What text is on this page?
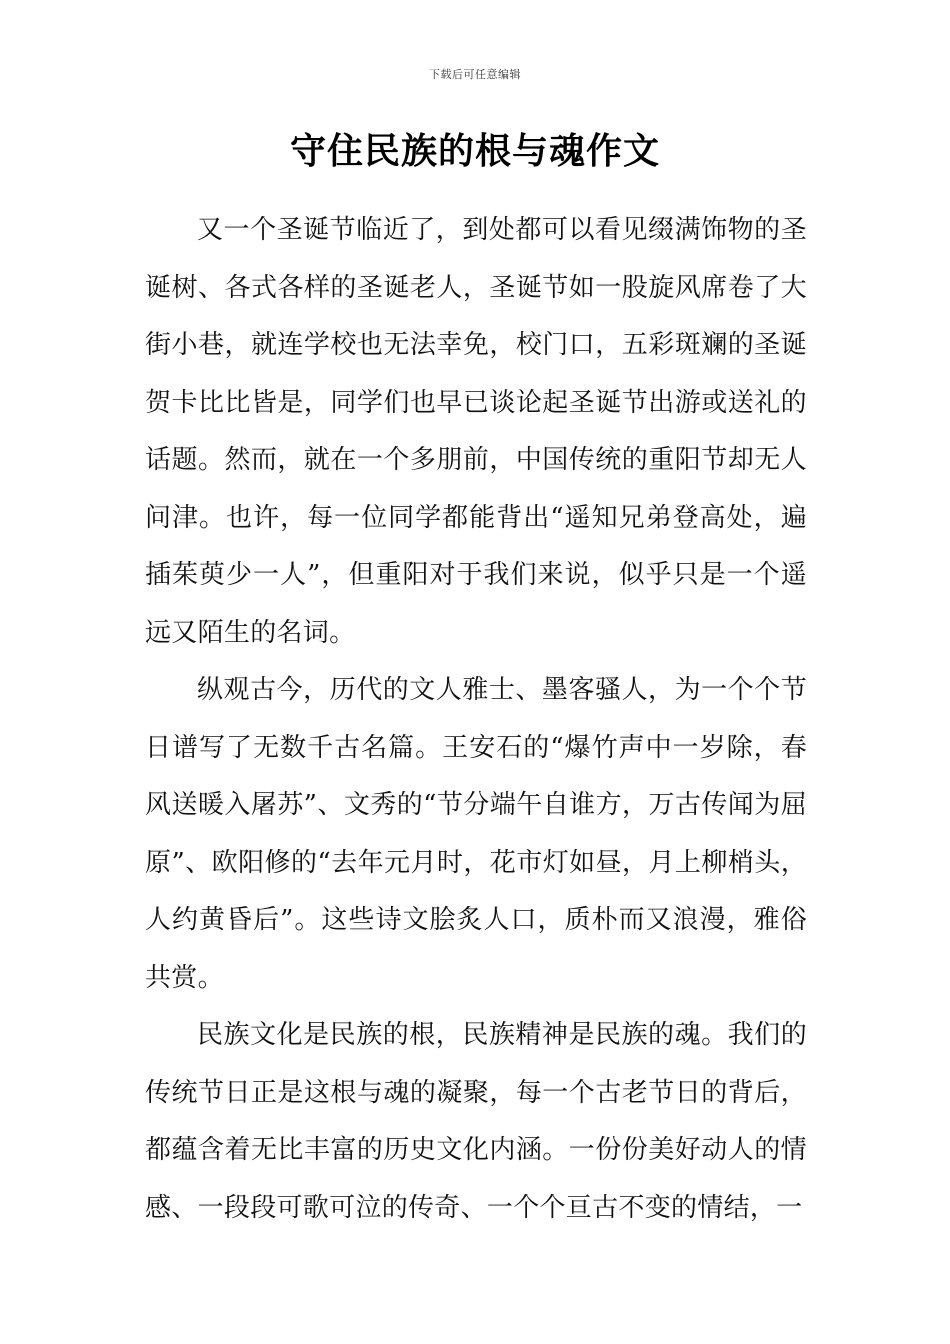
下载后可任意编辑
守住民族的根与魂作文

又一个圣诞节临近了，到处都可以看见缀满饰物的圣诞树、各式各样的圣诞老人，圣诞节如一股旋风席卷了大街小巷，就连学校也无法幸免，校门口，五彩斑斓的圣诞贺卡比比皆是，同学们也早已谈论起圣诞节出游或送礼的话题。然而，就在一个多朋前，中国传统的重阳节却无人问津。也许，每一位同学都能背出“遥知兄弟登高处，遍插茱萸少一人”，但重阳对于我们来说，似乎只是一个遥远又陌生的名词。

纵观古今，历代的文人雅士、墨客骚人，为一个个节日谱写了无数千古名篇。王安石的“爆竹声中一岁除，春风送暖入屠苏”、文秀的“节分端午自谁方，万古传闻为屈原”、欧阳修的“去年元月时，花市灯如昼，月上柳梢头，人约黄昏后”。这些诗文脍炙人口，质朴而又浪漫，雅俗共赏。

民族文化是民族的根，民族精神是民族的魂。我们的传统节日正是这根与魂的凝聚，每一个古老节日的背后，都蕴含着无比丰富的历史文化内涵。一份份美好动人的情感、一段段可歌可泣的传奇、一个个亘古不变的情结，一
